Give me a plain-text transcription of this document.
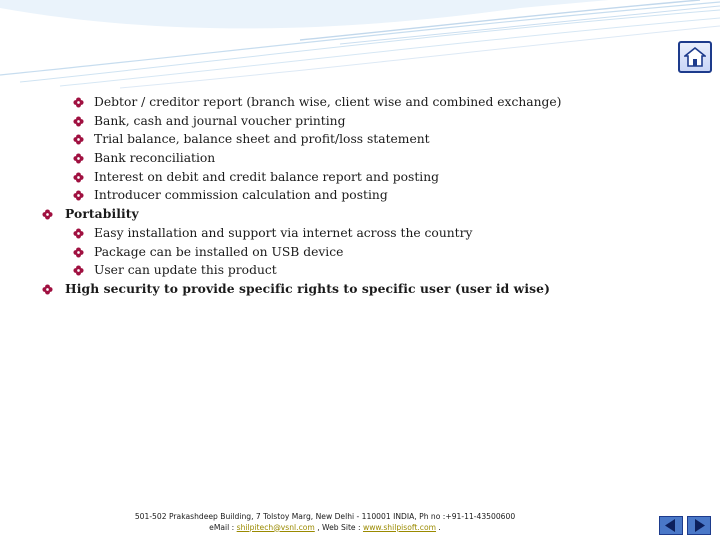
Debtor / creditor report (branch wise, client wise and combined exchange)
Bank, cash and journal voucher printing
Trial balance, balance sheet and profit/loss statement
Bank reconciliation
Interest on debit and credit balance report and posting
Introducer commission calculation and posting
Portability
Easy installation and support via internet across the country
Package can be installed on USB device
User can update this product
High security to provide specific rights to specific user (user id wise)
501-502 Prakashdeep Building, 7 Tolstoy Marg, New Delhi - 110001 INDIA, Ph no :+91-11-43500600
eMail : shilpitech@vsnl.com , Web Site : www.shilpisoft.com .
